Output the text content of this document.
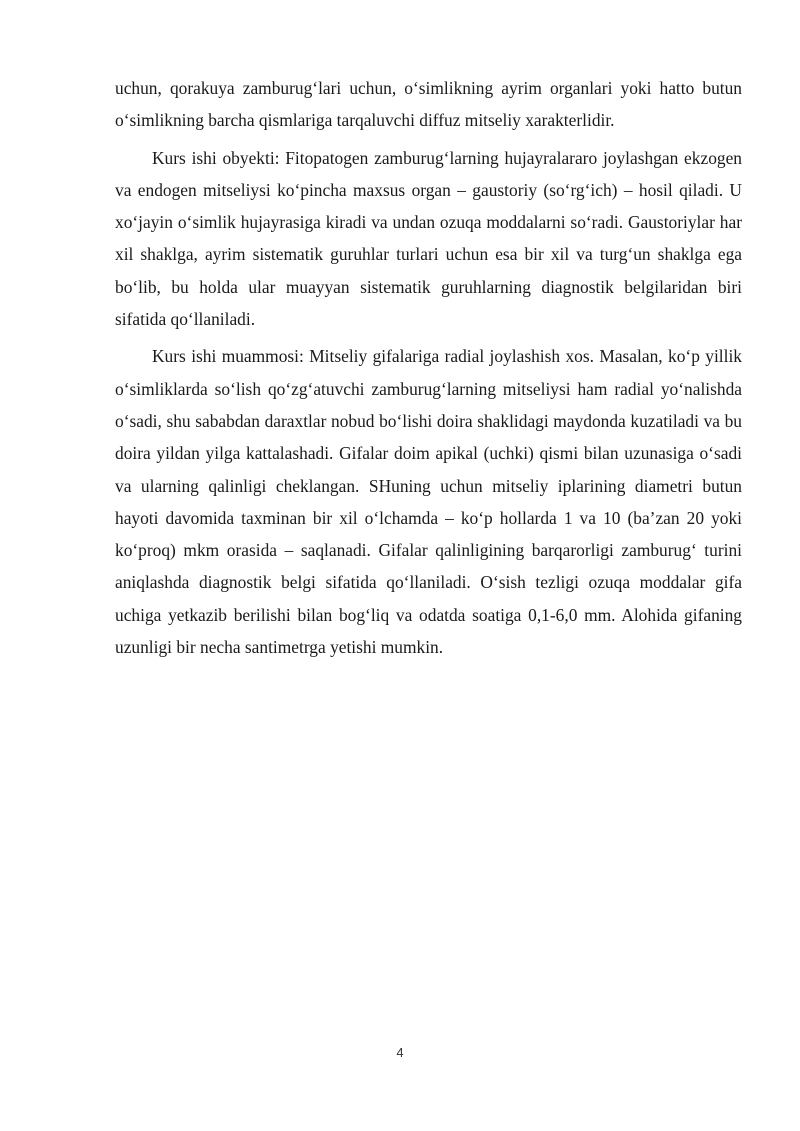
uchun, qorakuya zamburug‘lari uchun, o‘simlikning ayrim organlari yoki hatto butun o‘simlikning barcha qismlariga tarqaluvchi diffuz mitseliy xarakterlidir.

Kurs ishi obyekti: Fitopatogen zamburug‘larning hujayralararo joylashgan ekzogen va endogen mitseliysi ko‘pincha maxsus organ – gaustoriy (so‘rg‘ich) – hosil qiladi. U xo‘jayin o‘simlik hujayrasiga kiradi va undan ozuqa moddalarni so‘radi. Gaustoriylar har xil shaklga, ayrim sistematik guruhlar turlari uchun esa bir xil va turg‘un shaklga ega bo‘lib, bu holda ular muayyan sistematik guruhlarning diagnostik belgilaridan biri sifatida qo‘llaniladi.

Kurs ishi muammosi: Mitseliy gifalariga radial joylashish xos. Masalan, ko‘p yillik o‘simliklarda so‘lish qo‘zg‘atuvchi zamburug‘larning mitseliysi ham radial yo‘nalishda o‘sadi, shu sababdan daraxtlar nobud bo‘lishi doira shaklidagi maydonda kuzatiladi va bu doira yildan yilga kattalashadi. Gifalar doim apikal (uchki) qismi bilan uzunasiga o‘sadi va ularning qalinligi cheklangan. SHuning uchun mitseliy iplarining diametri butun hayoti davomida taxminan bir xil o‘lchamda – ko‘p hollarda 1 va 10 (ba’zan 20 yoki ko‘proq) mkm orasida – saqlanadi. Gifalar qalinligining barqarorligi zamburug‘ turini aniqlashda diagnostik belgi sifatida qo‘llaniladi. O‘sish tezligi ozuqa moddalar gifa uchiga yetkazib berilishi bilan bog‘liq va odatda soatiga 0,1-6,0 mm. Alohida gifaning uzunligi bir necha santimetrga yetishi mumkin.

4
